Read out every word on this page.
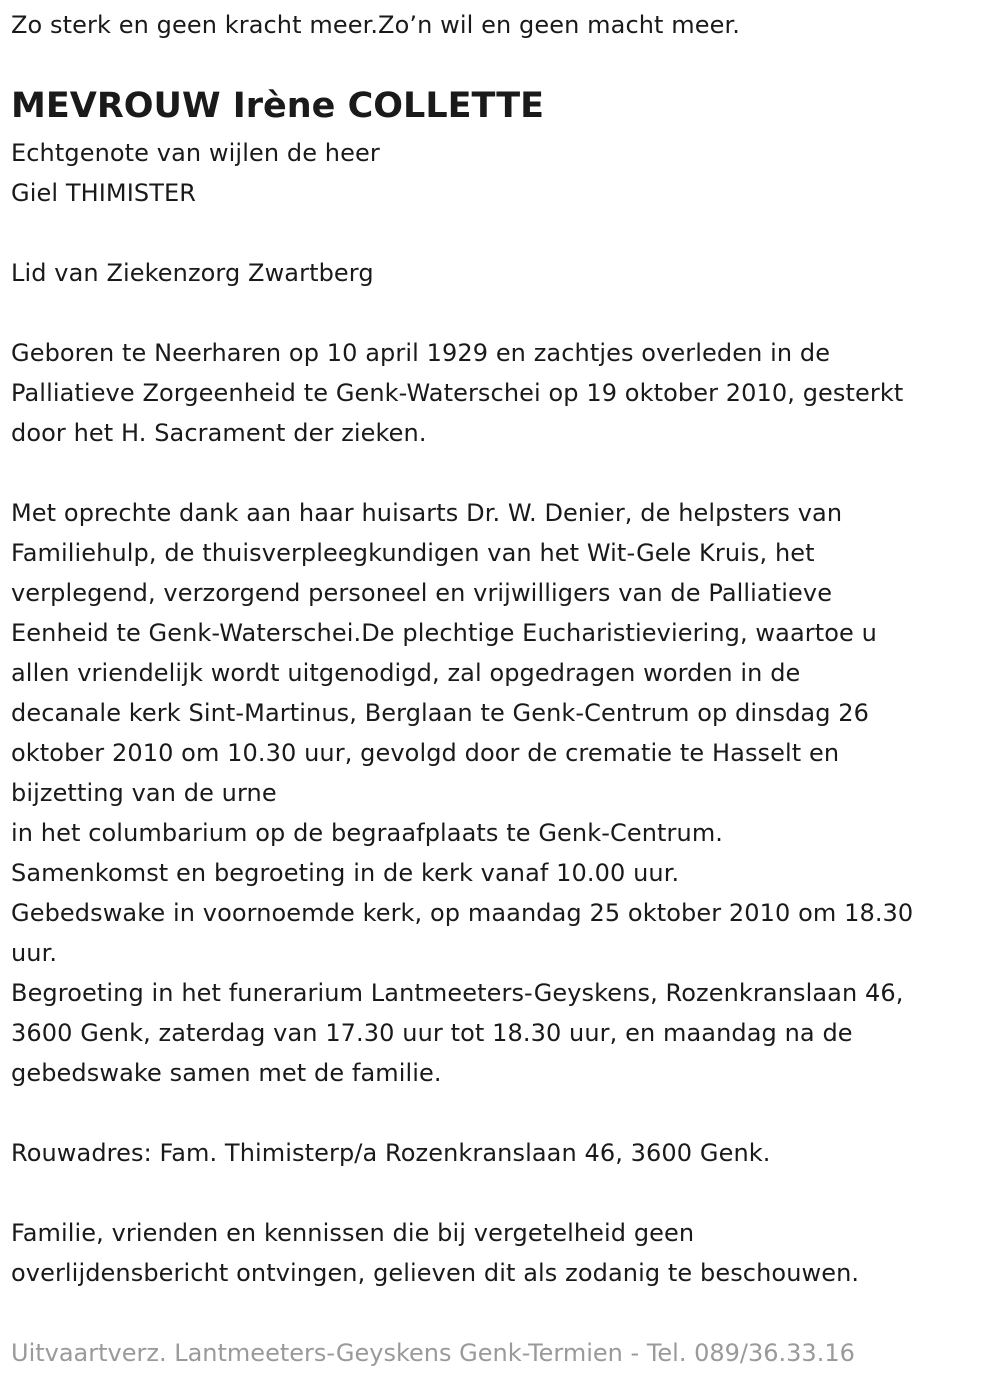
Zo sterk en geen kracht meer.Zo’n wil en geen macht meer.
MEVROUW Irène COLLETTE
Echtgenote van wijlen de heer
Giel THIMISTER
Lid van Ziekenzorg Zwartberg
Geboren te Neerharen op 10 april 1929 en zachtjes overleden in de
Palliatieve Zorgeenheid te Genk-Waterschei op 19 oktober 2010, gesterkt
door het H. Sacrament der zieken.
Met oprechte dank aan haar huisarts Dr. W. Denier, de helpsters van
Familiehulp, de thuisverpleegkundigen van het Wit-Gele Kruis, het
verplegend, verzorgend personeel en vrijwilligers van de Palliatieve
Eenheid te Genk-Waterschei.De plechtige Eucharistieviering, waartoe u
allen vriendelijk wordt uitgenodigd, zal opgedragen worden in de
decanale kerk Sint-Martinus, Berglaan te Genk-Centrum op dinsdag 26
oktober 2010 om 10.30 uur, gevolgd door de crematie te Hasselt en
bijzetting van de urne
in het columbarium op de begraafplaats te Genk-Centrum.
Samenkomst en begroeting in de kerk vanaf 10.00 uur.
Gebedswake in voornoemde kerk, op maandag 25 oktober 2010 om 18.30
uur.
Begroeting in het funerarium Lantmeeters-Geyskens, Rozenkranslaan 46,
3600 Genk, zaterdag van 17.30 uur tot 18.30 uur, en maandag na de
gebedswake samen met de familie.
Rouwadres: Fam. Thimisterp/a Rozenkranslaan 46, 3600 Genk.
Familie, vrienden en kennissen die bij vergetelheid geen
overlijdensbericht ontvingen, gelieven dit als zodanig te beschouwen.
Uitvaartverz. Lantmeeters-Geyskens Genk-Termien - Tel. 089/36.33.16
